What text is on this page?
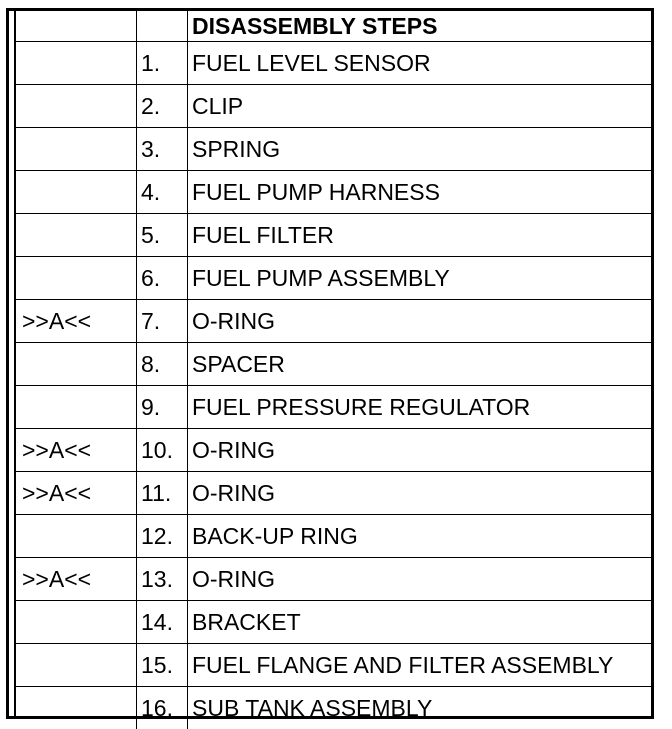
		DISASSEMBLY STEPS
	1.	FUEL LEVEL SENSOR
	2.	CLIP
	3.	SPRING
	4.	FUEL PUMP HARNESS
	5.	FUEL FILTER
	6.	FUEL PUMP ASSEMBLY
>>A<<	7.	O-RING
	8.	SPACER
	9.	FUEL PRESSURE REGULATOR
>>A<<	10.	O-RING
>>A<<	11.	O-RING
	12.	BACK-UP RING
>>A<<	13.	O-RING
	14.	BRACKET
	15.	FUEL FLANGE AND FILTER ASSEMBLY
	16.	SUB TANK ASSEMBLY
